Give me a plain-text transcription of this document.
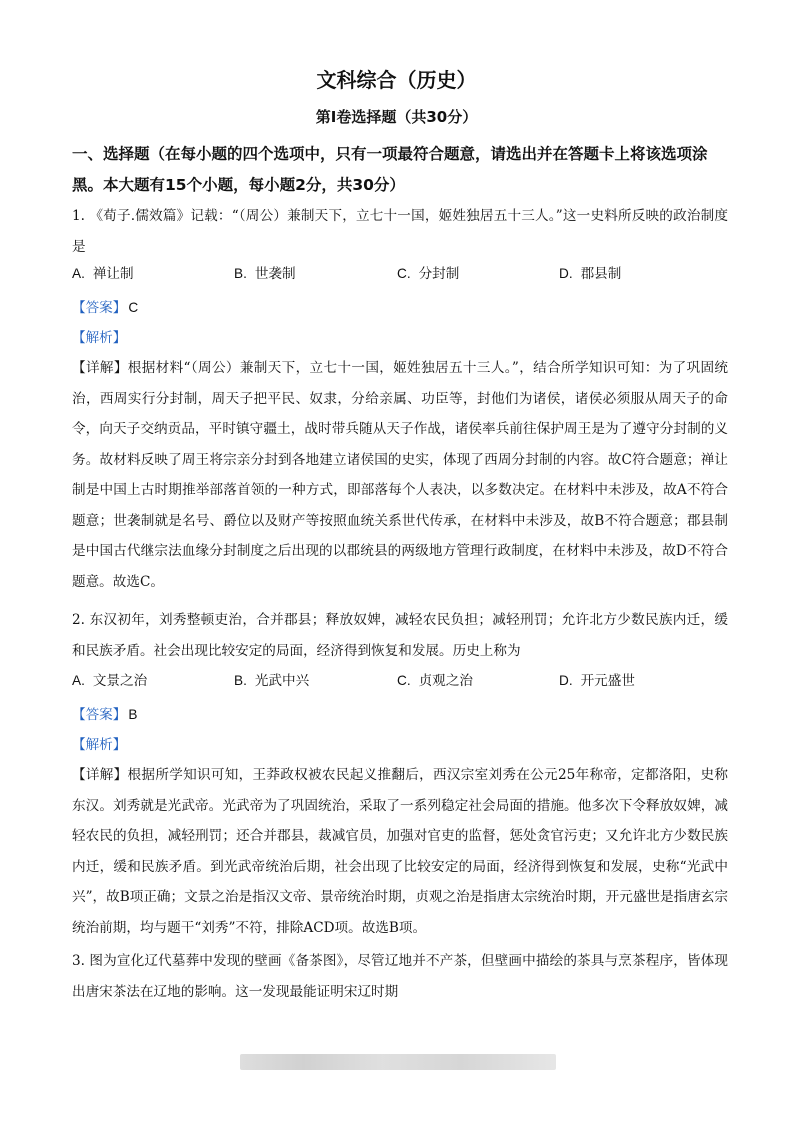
文科综合（历史）
第Ⅰ卷选择题（共30分）
一、选择题（在每小题的四个选项中，只有一项最符合题意，请选出并在答题卡上将该选项涂黑。本大题有15个小题，每小题2分，共30分）
1. 《荀子.儒效篇》记载：“（周公）兼制天下，立七十一国，姬姓独居五十三人。”这一史料所反映的政治制度是
A. 禅让制	B. 世袭制	C. 分封制	D. 郡县制
【答案】 C
【解析】
【详解】根据材料“（周公）兼制天下，立七十一国，姬姓独居五十三人。”，结合所学知识可知：为了巩固统治，西周实行分封制，周天子把平民、奴隶，分给亲属、功臣等，封他们为诸侯，诸侯必须服从周天子的命令，向天子交纳贡品，平时镇守疆土，战时带兵随从天子作战，诸侯率兵前往保护周王是为了遵守分封制的义务。故材料反映了周王将宗亲分封到各地建立诸侯国的史实，体现了西周分封制的内容。故C符合题意；禅让制是中国上古时期推举部落首领的一种方式，即部落每个人表决，以多数决定。在材料中未涉及，故A不符合题意；世袭制就是名号、爵位以及财产等按照血统关系世代传承，在材料中未涉及，故B不符合题意；郡县制是中国古代继宗法血缘分封制度之后出现的以郡统县的两级地方管理行政制度，在材料中未涉及，故D不符合题意。故选C。
2. 东汉初年，刘秀整顿吏治，合并郡县；释放奴婢，减轻农民负担；减轻刑罚；允许北方少数民族内迁，缓和民族矛盾。社会出现比较安定的局面，经济得到恢复和发展。历史上称为
A. 文景之治	B. 光武中兴	C. 贞观之治	D. 开元盛世
【答案】 B
【解析】
【详解】根据所学知识可知，王莽政权被农民起义推翻后，西汉宗室刘秀在公元25年称帝，定都洛阳，史称东汉。刘秀就是光武帝。光武帝为了巩固统治，采取了一系列稳定社会局面的措施。他多次下令释放奴婢，减轻农民的负担，减轻刑罚；还合并郡县，裁减官员，加强对官吏的监督，惩处贪官污吏；又允许北方少数民族内迁，缓和民族矛盾。到光武帝统治后期，社会出现了比较安定的局面，经济得到恢复和发展，史称“光武中兴”，故B项正确；文景之治是指汉文帝、景帝统治时期，贞观之治是指唐太宗统治时期，开元盛世是指唐玄宗统治前期，均与题干“刘秀”不符，排除ACD项。故选B项。
3. 图为宣化辽代墓葬中发现的壁画《备茶图》，尽管辽地并不产茶，但壁画中描绘的茶具与烹茶程序，皆体现出唐宋茶法在辽地的影响。这一发现最能证明宋辽时期
